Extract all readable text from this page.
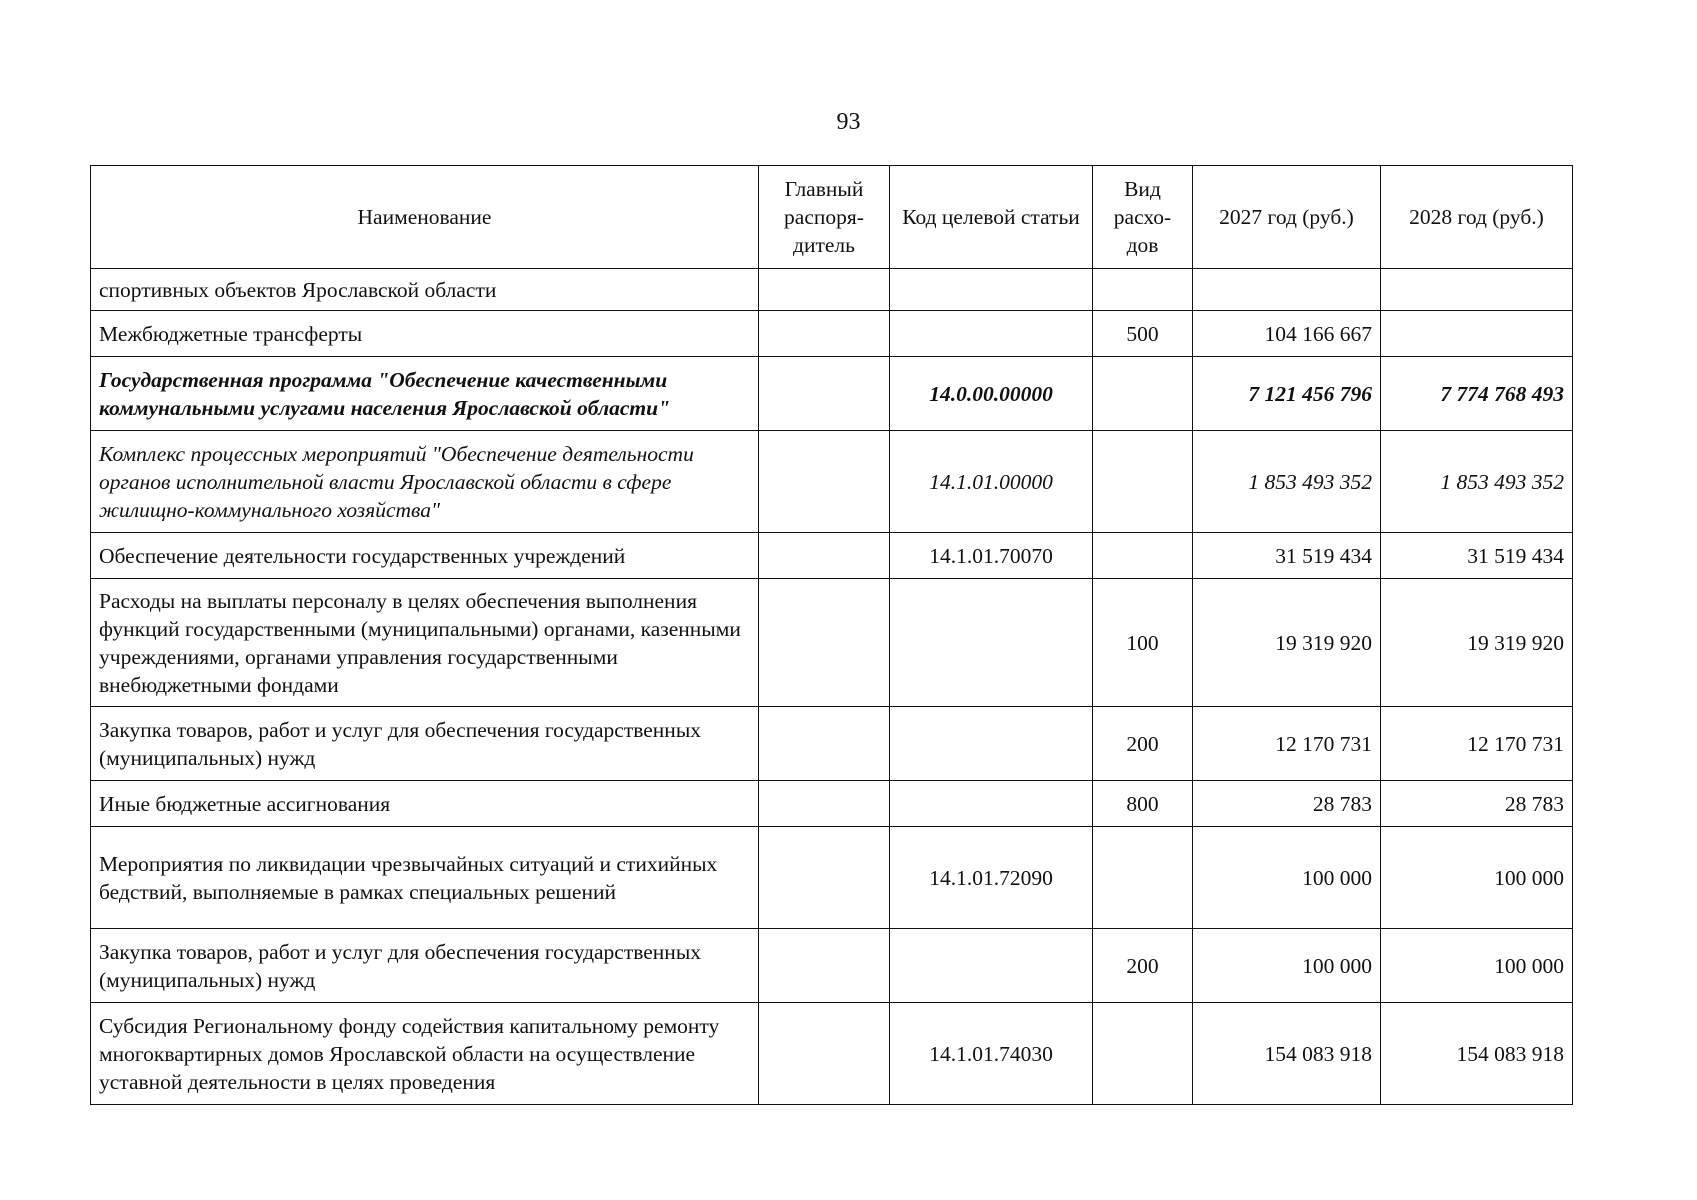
93
Наименование	Главный распоря-дитель	Код целевой статьи	Вид расхо-дов	2027 год (руб.)	2028 год (руб.)
спортивных объектов Ярославской области					
Межбюджетные трансферты			500	104 166 667	
Государственная программа "Обеспечение качественными коммунальными услугами населения Ярославской области"		14.0.00.00000		7 121 456 796	7 774 768 493
Комплекс процессных мероприятий "Обеспечение деятельности органов исполнительной власти Ярославской области в сфере жилищно-коммунального хозяйства"		14.1.01.00000		1 853 493 352	1 853 493 352
Обеспечение деятельности государственных учреждений		14.1.01.70070		31 519 434	31 519 434
Расходы на выплаты персоналу в целях обеспечения выполнения функций государственными (муниципальными) органами, казенными учреждениями, органами управления государственными внебюджетными фондами			100	19 319 920	19 319 920
Закупка товаров, работ и услуг для обеспечения государственных (муниципальных) нужд			200	12 170 731	12 170 731
Иные бюджетные ассигнования			800	28 783	28 783
Мероприятия по ликвидации чрезвычайных ситуаций и стихийных бедствий, выполняемые в рамках специальных решений		14.1.01.72090		100 000	100 000
Закупка товаров, работ и услуг для обеспечения государственных (муниципальных) нужд			200	100 000	100 000
Субсидия Региональному фонду содействия капитальному ремонту многоквартирных домов Ярославской области на осуществление уставной деятельности в целях проведения		14.1.01.74030		154 083 918	154 083 918
